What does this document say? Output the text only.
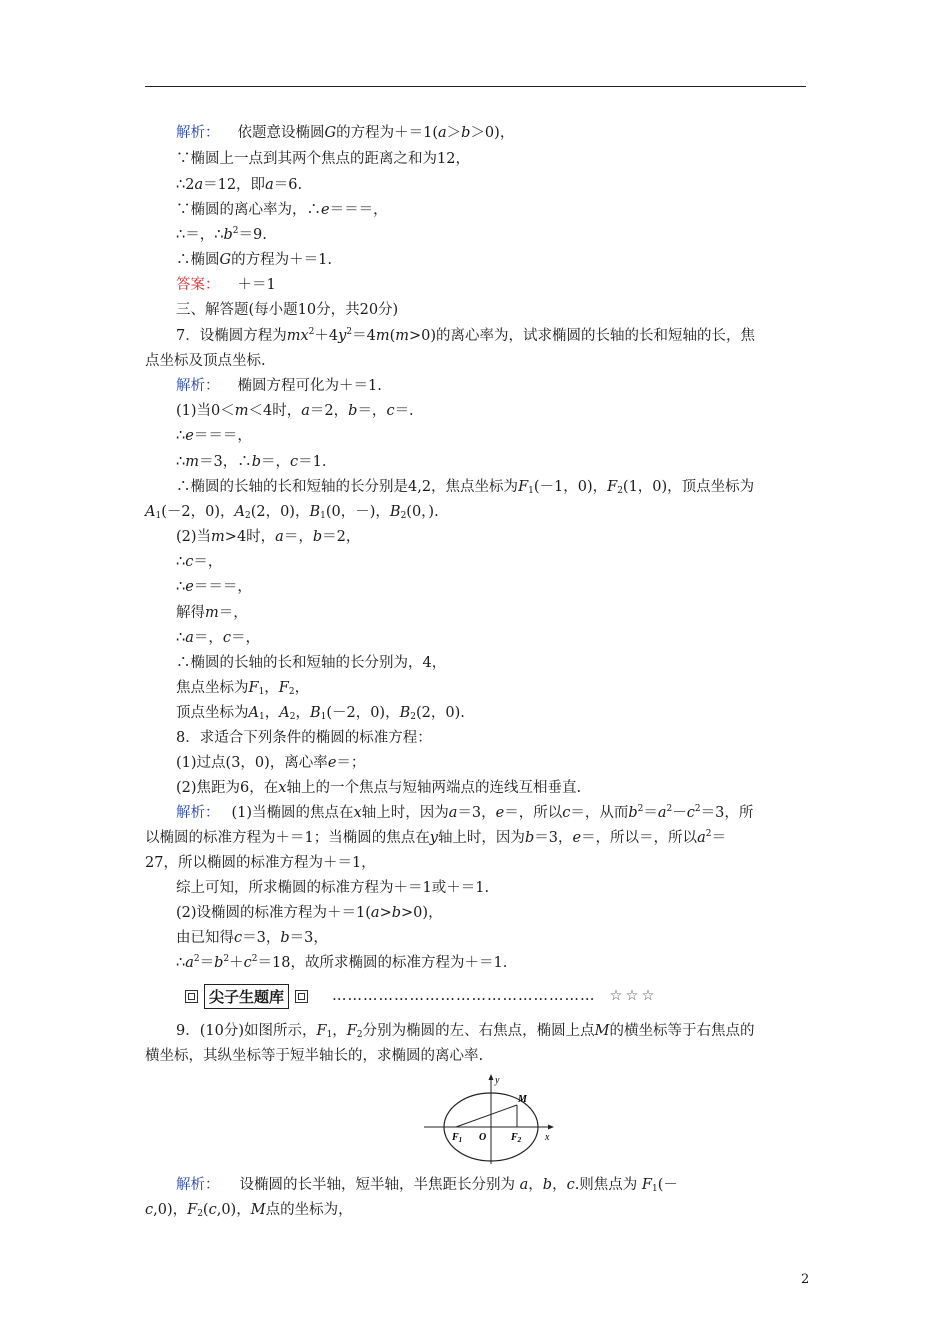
解析： 依题意设椭圆G的方程为＋＝1(a＞b＞0)，
∵椭圆上一点到其两个焦点的距离之和为12，
∴2a＝12，即a＝6.
∵椭圆的离心率为，∴e＝＝＝，
∴＝，$\therefore b^2=9$.
∴椭圆G的方程为＋＝1.
答案： ＋＝1
三、解答题(每小题10分，共20分)
7．设椭圆方程为$mx^2+4y^2=4m(m>0)$的离心率为，试求椭圆的长轴的长和短轴的长，焦
点坐标及顶点坐标.
解析： 椭圆方程可化为＋＝1.
(1)当0＜m＜4时，a＝2，b＝，c＝.
∴e＝＝＝，
∴m＝3，∴b＝，c＝1.
∴椭圆的长轴的长和短轴的长分别是4,2，焦点坐标为$F_1(-1$，0)，$F_2(1$，0)，顶点坐标为
$A_1(-2$，0)，$A_2(2$，0)，$B_1(0$，－)，$B_2(0$，).
(2)当m>4时，a＝，b＝2，
∴c＝，
∴e＝＝＝，
解得m＝，
∴a＝，c＝，
∴椭圆的长轴的长和短轴的长分别为，4，
焦点坐标为$F_1$，$F_2$，
顶点坐标为$A_1$，$A_2$，$B_1(-2$，0)，$B_2(2$，0).
8．求适合下列条件的椭圆的标准方程：
(1)过点(3，0)，离心率e＝；
(2)焦距为6，在x轴上的一个焦点与短轴两端点的连线互相垂直.
解析： (1)当椭圆的焦点在x轴上时，因为a＝3，e＝，所以c＝，从而$b^2=a^2-c^2=3$，所
以椭圆的标准方程为＋＝1；当椭圆的焦点在y轴上时，因为b＝3，e＝，所以＝，所以$a^2=$
27，所以椭圆的标准方程为＋＝1，
综上可知，所求椭圆的标准方程为＋＝1或＋＝1.
(2)设椭圆的标准方程为＋＝1(a>b>0)，
由已知得c＝3，b＝3，
$\therefore a^2=b^2+c^2=18$，故所求椭圆的标准方程为＋＝1.
尖子生题库	…………………………………………… ☆☆☆
9．(10分)如图所示，$F_1$，$F_2$分别为椭圆的左、右焦点，椭圆上点M的横坐标等于右焦点的
横坐标，其纵坐标等于短半轴长的，求椭圆的离心率.
y
x
M
$F_1$ O $F_2$
解析： 设椭圆的长半轴，短半轴，半焦距长分别为 a，b，c.则焦点为 $F_1(-$
c,0)，$F_2(c,0)$，M点的坐标为，
2
